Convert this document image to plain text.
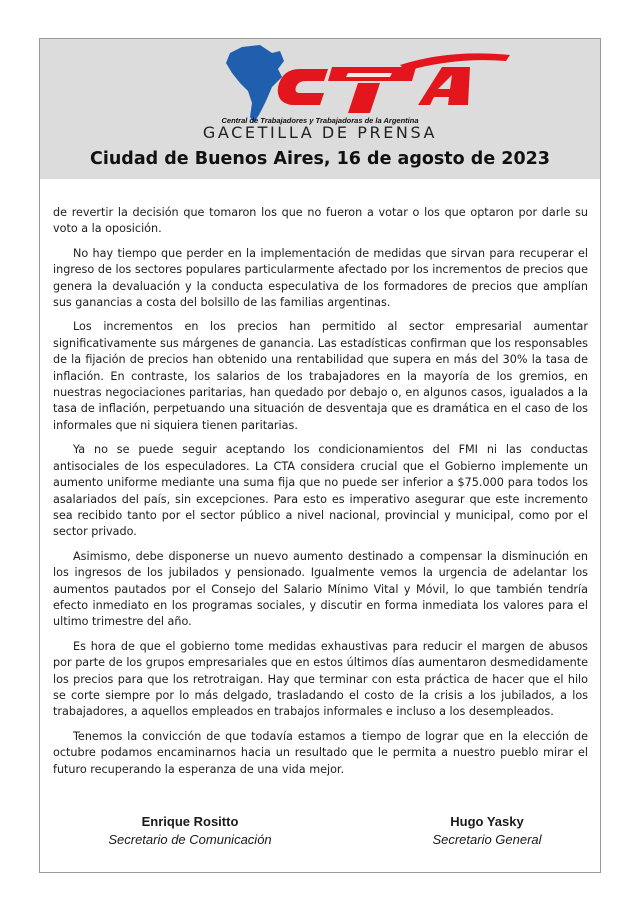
Central de Trabajadores y Trabajadoras de la Argentina
GACETILLA DE PRENSA
Ciudad de Buenos Aires, 16 de agosto de 2023

de revertir la decisión que tomaron los que no fueron a votar o los que optaron por darle su voto a la oposición.

No hay tiempo que perder en la implementación de medidas que sirvan para recuperar el ingreso de los sectores populares particularmente afectado por los incrementos de precios que genera la devaluación y la conducta especulativa de los formadores de precios que amplían sus ganancias a costa del bolsillo de las familias argentinas.

Los incrementos en los precios han permitido al sector empresarial aumentar significativamente sus márgenes de ganancia. Las estadísticas confirman que los responsables de la fijación de precios han obtenido una rentabilidad que supera en más del 30% la tasa de inflación. En contraste, los salarios de los trabajadores en la mayoría de los gremios, en nuestras negociaciones paritarias, han quedado por debajo o, en algunos casos, igualados a la tasa de inflación, perpetuando una situación de desventaja que es dramática en el caso de los informales que ni siquiera tienen paritarias.

Ya no se puede seguir aceptando los condicionamientos del FMI ni las conductas antisociales de los especuladores. La CTA considera crucial que el Gobierno implemente un aumento uniforme mediante una suma fija que no puede ser inferior a $75.000 para todos los asalariados del país, sin excepciones. Para esto es imperativo asegurar que este incremento sea recibido tanto por el sector público a nivel nacional, provincial y municipal, como por el sector privado.

Asimismo, debe disponerse un nuevo aumento destinado a compensar la disminución en los ingresos de los jubilados y pensionado. Igualmente vemos la urgencia de adelantar los aumentos pautados por el Consejo del Salario Mínimo Vital y Móvil, lo que también tendría efecto inmediato en los programas sociales, y discutir en forma inmediata los valores para el ultimo trimestre del año.

Es hora de que el gobierno tome medidas exhaustivas para reducir el margen de abusos por parte de los grupos empresariales que en estos últimos días aumentaron desmedidamente los precios para que los retrotraigan. Hay que terminar con esta práctica de hacer que el hilo se corte siempre por lo más delgado, trasladando el costo de la crisis a los jubilados, a los trabajadores, a aquellos empleados en trabajos informales e incluso a los desempleados.

Tenemos la convicción de que todavía estamos a tiempo de lograr que en la elección de octubre podamos encaminarnos hacia un resultado que le permita a nuestro pueblo mirar el futuro recuperando la esperanza de una vida mejor.

Enrique Rositto
Secretario de Comunicación
Hugo Yasky
Secretario General
